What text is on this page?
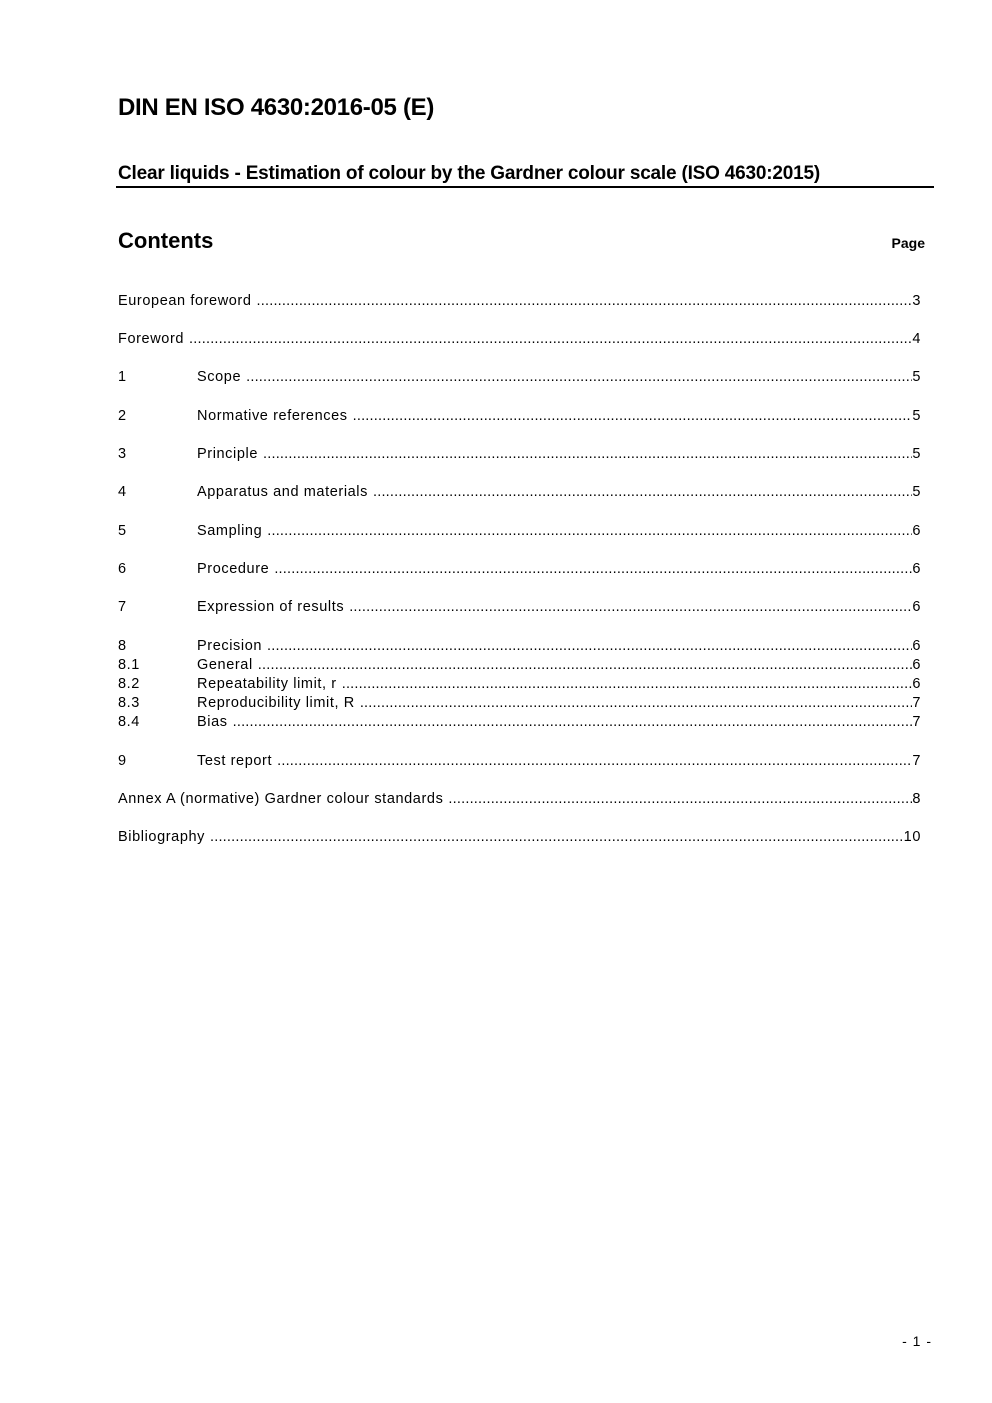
DIN EN ISO 4630:2016-05 (E)
Clear liquids - Estimation of colour by the Gardner colour scale (ISO 4630:2015)
Contents	Page
European foreword .....	3
Foreword .....	4
1	Scope .....	5
2	Normative references .....	5
3	Principle .....	5
4	Apparatus and materials .....	5
5	Sampling .....	6
6	Procedure .....	6
7	Expression of results .....	6
8	Precision .....	6
8.1	General .....	6
8.2	Repeatability limit, r .....	6
8.3	Reproducibility limit, R .....	7
8.4	Bias .....	7
9	Test report .....	7
Annex A (normative) Gardner colour standards .....	8
Bibliography .....	10
- 1 -
